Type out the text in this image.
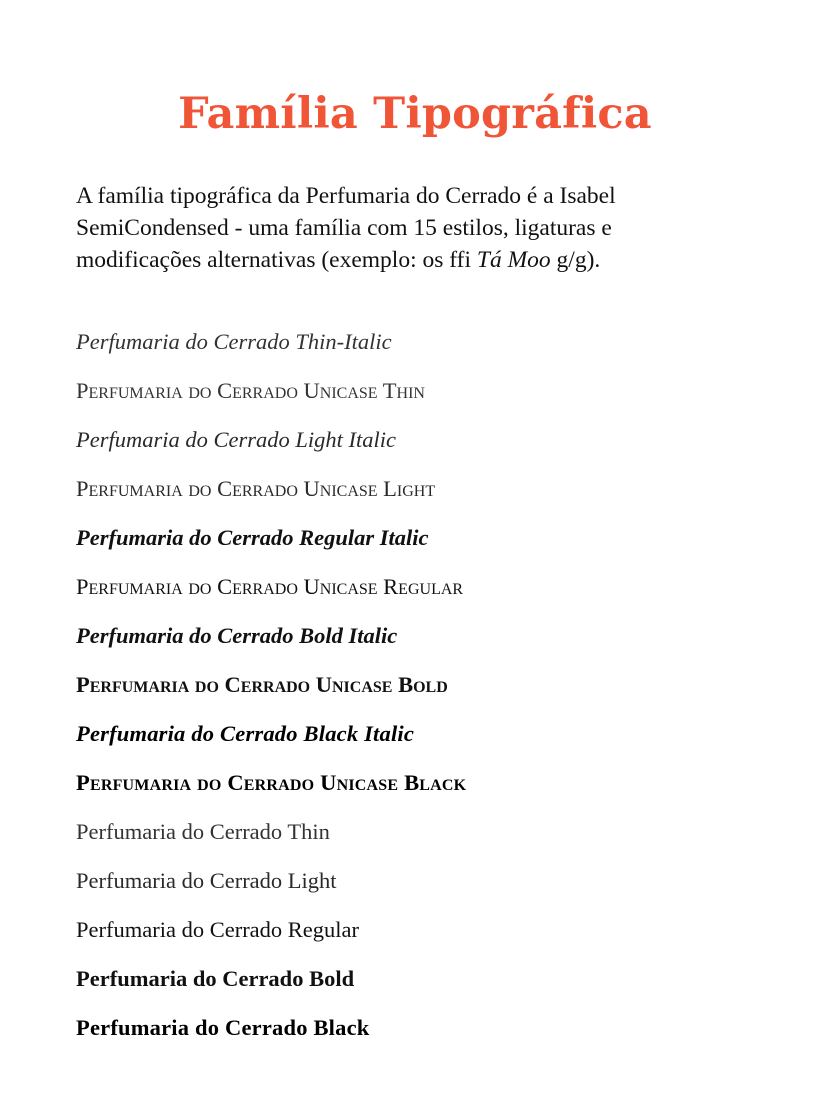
Família Tipográfica

A família tipográfica da Perfumaria do Cerrado é a Isabel SemiCondensed - uma família com 15 estilos, ligaturas e modificações alternativas (exemplo: os ffi Tá Moo g/g).

Perfumaria do Cerrado Thin-Italic
Perfumaria do Cerrado Unicase Thin
Perfumaria do Cerrado Light Italic
Perfumaria do Cerrado Unicase Light
Perfumaria do Cerrado Regular Italic
Perfumaria do Cerrado Unicase Regular
Perfumaria do Cerrado Bold Italic
Perfumaria do Cerrado Unicase Bold
Perfumaria do Cerrado Black Italic
Perfumaria do Cerrado Unicase Black
Perfumaria do Cerrado Thin
Perfumaria do Cerrado Light
Perfumaria do Cerrado Regular
Perfumaria do Cerrado Bold
Perfumaria do Cerrado Black
